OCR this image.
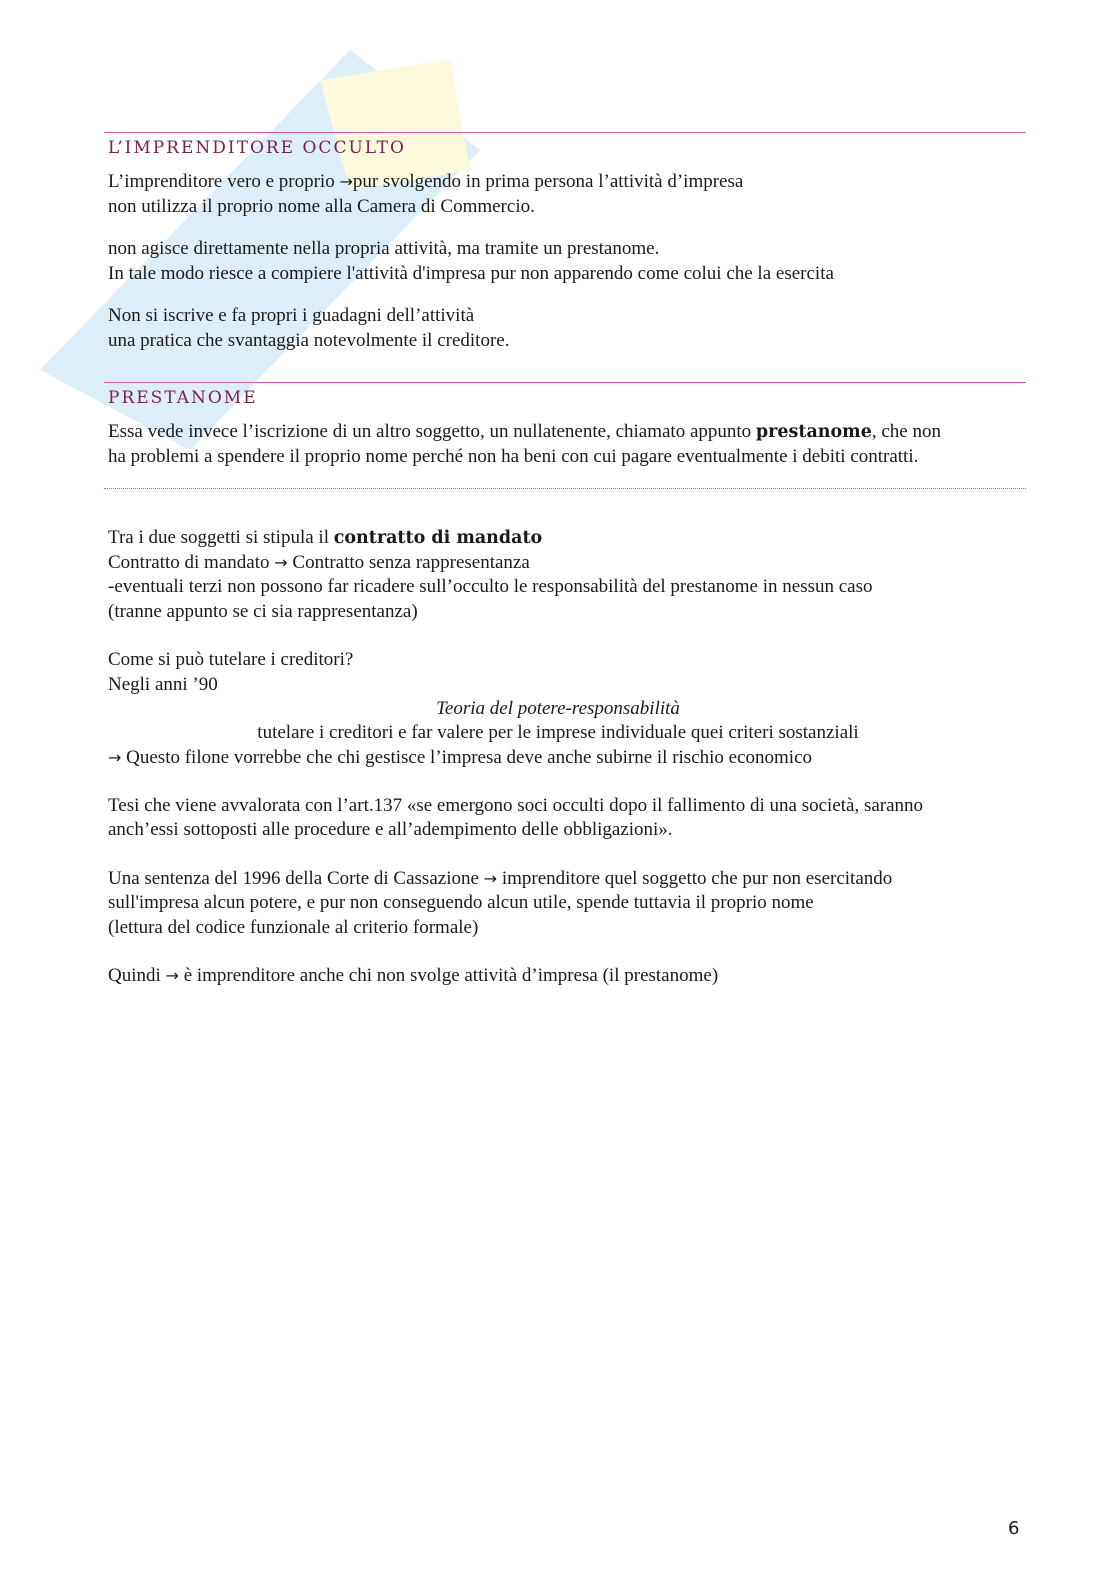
L’IMPRENDITORE OCCULTO
L’imprenditore vero e proprio →pur svolgendo in prima persona l’attività d’impresa
non utilizza il proprio nome alla Camera di Commercio.
non agisce direttamente nella propria attività, ma tramite un prestanome.
In tale modo riesce a compiere l'attività d'impresa pur non apparendo come colui che la esercita
Non si iscrive e fa propri i guadagni dell’attività
una pratica che svantaggia notevolmente il creditore.
PRESTANOME
Essa vede invece l’iscrizione di un altro soggetto, un nullatenente, chiamato appunto prestanome, che non
ha problemi a spendere il proprio nome perché non ha beni con cui pagare eventualmente i debiti contratti.
Tra i due soggetti si stipula il contratto di mandato
Contratto di mandato → Contratto senza rappresentanza
-eventuali terzi non possono far ricadere sull’occulto le responsabilità del prestanome in nessun caso
(tranne appunto se ci sia rappresentanza)
Come si può tutelare i creditori?
Negli anni ’90
Teoria del potere-responsabilità
tutelare i creditori e far valere per le imprese individuale quei criteri sostanziali
→ Questo filone vorrebbe che chi gestisce l’impresa deve anche subirne il rischio economico
Tesi che viene avvalorata con l’art.137 «se emergono soci occulti dopo il fallimento di una società, saranno
anch’essi sottoposti alle procedure e all’adempimento delle obbligazioni».
Una sentenza del 1996 della Corte di Cassazione → imprenditore quel soggetto che pur non esercitando
sull'impresa alcun potere, e pur non conseguendo alcun utile, spende tuttavia il proprio nome
(lettura del codice funzionale al criterio formale)
Quindi → è imprenditore anche chi non svolge attività d’impresa (il prestanome)
6
